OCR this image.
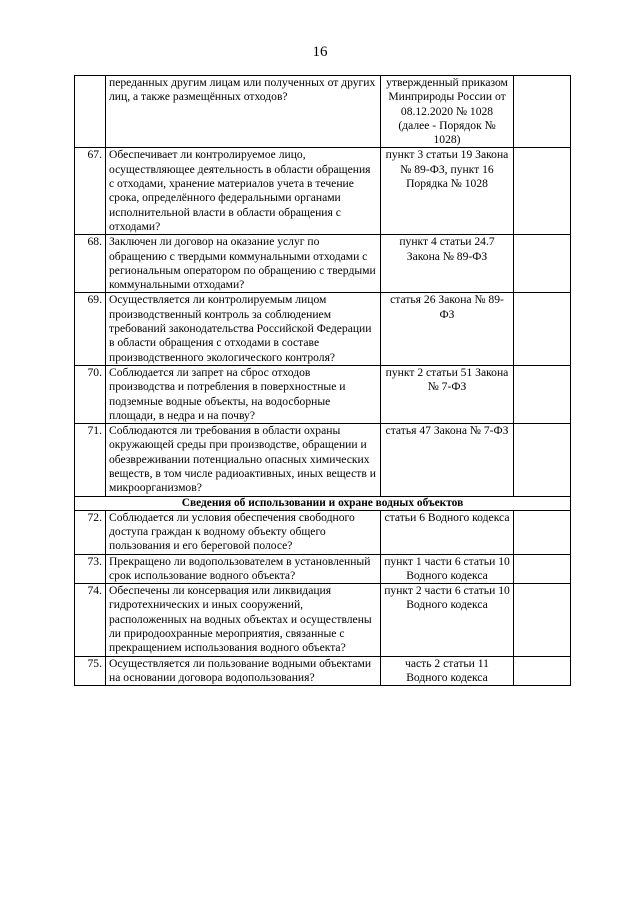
16
	переданных другим лицам или полученных от других лиц, а также размещённых отходов?	утвержденный приказом Минприроды России от 08.12.2020 № 1028 (далее - Порядок № 1028)	
67.	Обеспечивает ли контролируемое лицо, осуществляющее деятельность в области обращения с отходами, хранение материалов учета в течение срока, определённого федеральными органами исполнительной власти в области обращения с отходами?	пункт 3 статьи 19 Закона № 89-ФЗ, пункт 16 Порядка № 1028	
68.	Заключен ли договор на оказание услуг по обращению с твердыми коммунальными отходами с региональным оператором по обращению с твердыми коммунальными отходами?	пункт 4 статьи 24.7 Закона № 89-ФЗ	
69.	Осуществляется ли контролируемым лицом производственный контроль за соблюдением требований законодательства Российской Федерации в области обращения с отходами в составе производственного экологического контроля?	статья 26 Закона № 89-ФЗ	
70.	Соблюдается ли запрет на сброс отходов производства и потребления в поверхностные и подземные водные объекты, на водосборные площади, в недра и на почву?	пункт 2 статьи 51 Закона № 7-ФЗ	
71.	Соблюдаются ли требования в области охраны окружающей среды при производстве, обращении и обезвреживании потенциально опасных химических веществ, в том числе радиоактивных, иных веществ и микроорганизмов?	статья 47 Закона № 7-ФЗ	
Сведения об использовании и охране водных объектов			
72.	Соблюдается ли условия обеспечения свободного доступа граждан к водному объекту общего пользования и его береговой полосе?	статьи 6 Водного кодекса	
73.	Прекращено ли водопользователем в установленный срок использование водного объекта?	пункт 1 части 6 статьи 10 Водного кодекса	
74.	Обеспечены ли консервация или ликвидация гидротехнических и иных сооружений, расположенных на водных объектах и осуществлены ли природоохранные мероприятия, связанные с прекращением использования водного объекта?	пункт 2 части 6 статьи 10 Водного кодекса	
75.	Осуществляется ли пользование водными объектами на основании договора водопользования?	часть 2 статьи 11 Водного кодекса	
